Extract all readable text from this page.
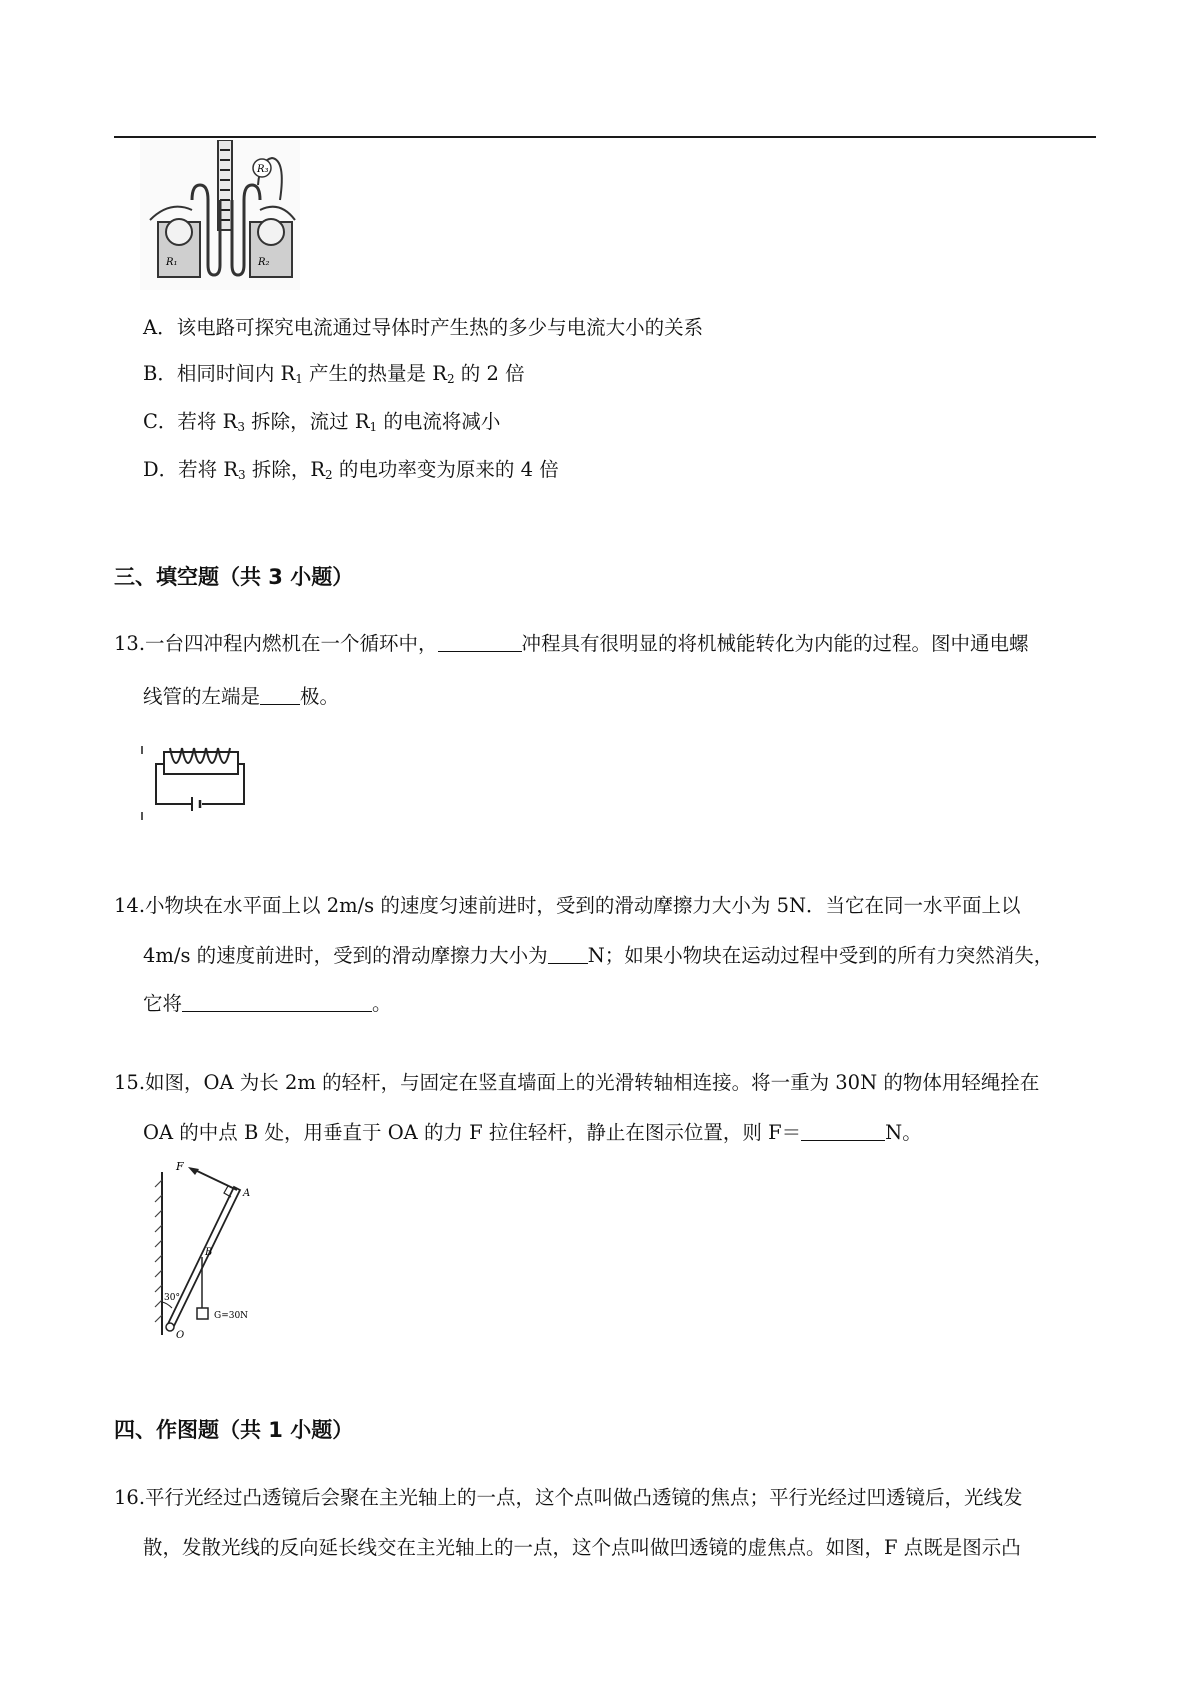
R₃
R₁	R₂
A．该电路可探究电流通过导体时产生热的多少与电流大小的关系
B．相同时间内 $R_1$ 产生的热量是 $R_2$ 的 2 倍
C．若将 $R_3$ 拆除，流过 $R_1$ 的电流将减小
D．若将 $R_3$ 拆除，$R_2$ 的电功率变为原来的 4 倍
三、填空题（共 3 小题）
13.一台四冲程内燃机在一个循环中，	冲程具有很明显的将机械能转化为内能的过程。图中通电螺
线管的左端是 极。
14.小物块在水平面上以 2m/s 的速度匀速前进时，受到的滑动摩擦力大小为 5N．当它在同一水平面上以
4m/s 的速度前进时，受到的滑动摩擦力大小为 N；如果小物块在运动过程中受到的所有力突然消失，
它将	。
15.如图，OA 为长 2m 的轻杆，与固定在竖直墙面上的光滑转轴相连接。将一重为 30N 的物体用轻绳拴在
OA 的中点 B 处，用垂直于 OA 的力 F 拉住轻杆，静止在图示位置，则 F＝	N。
F
A
B
O
30°
G=30N
四、作图题（共 1 小题）
16.平行光经过凸透镜后会聚在主光轴上的一点，这个点叫做凸透镜的焦点；平行光经过凹透镜后，光线发
散，发散光线的反向延长线交在主光轴上的一点，这个点叫做凹透镜的虚焦点。如图，F 点既是图示凸
